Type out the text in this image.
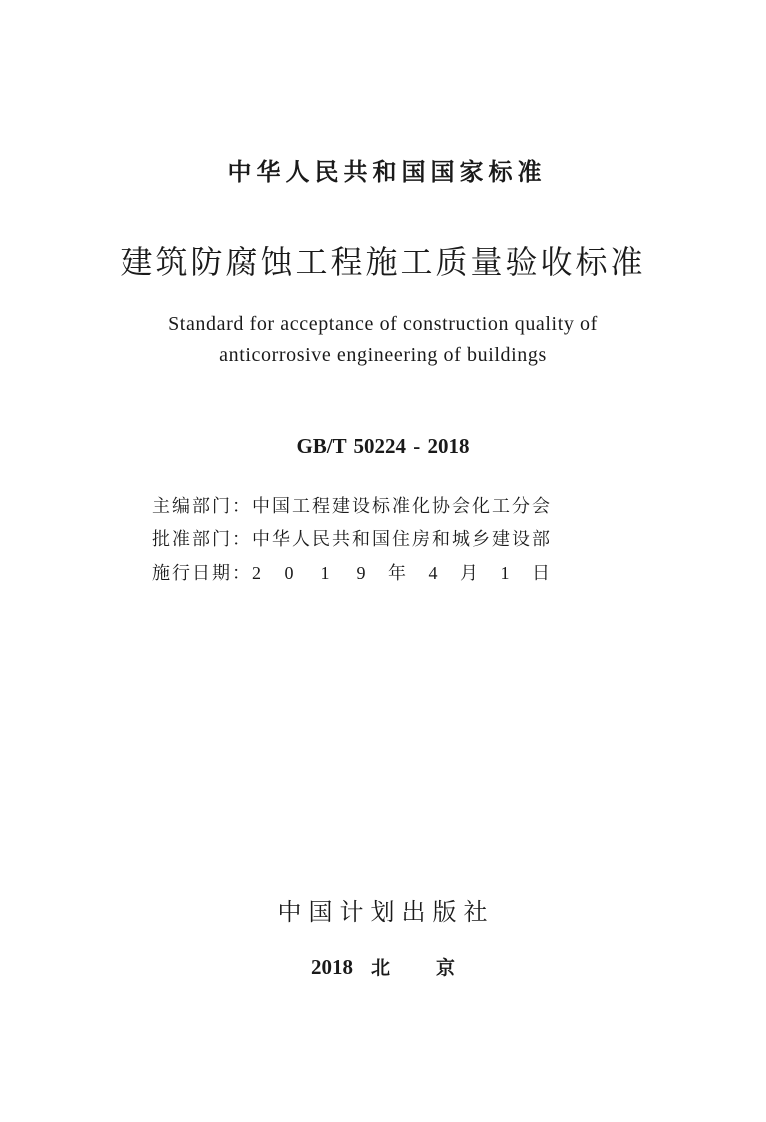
中华人民共和国国家标准
建筑防腐蚀工程施工质量验收标准
Standard for acceptance of construction quality of
anticorrosive engineering of buildings
GB/T 50224 - 2018
主编部门：中国工程建设标准化协会化工分会
批准部门：中华人民共和国住房和城乡建设部
施行日期： 2	0	1	9	年	4	月	1	日
中国计划出版社
2018 北 京
